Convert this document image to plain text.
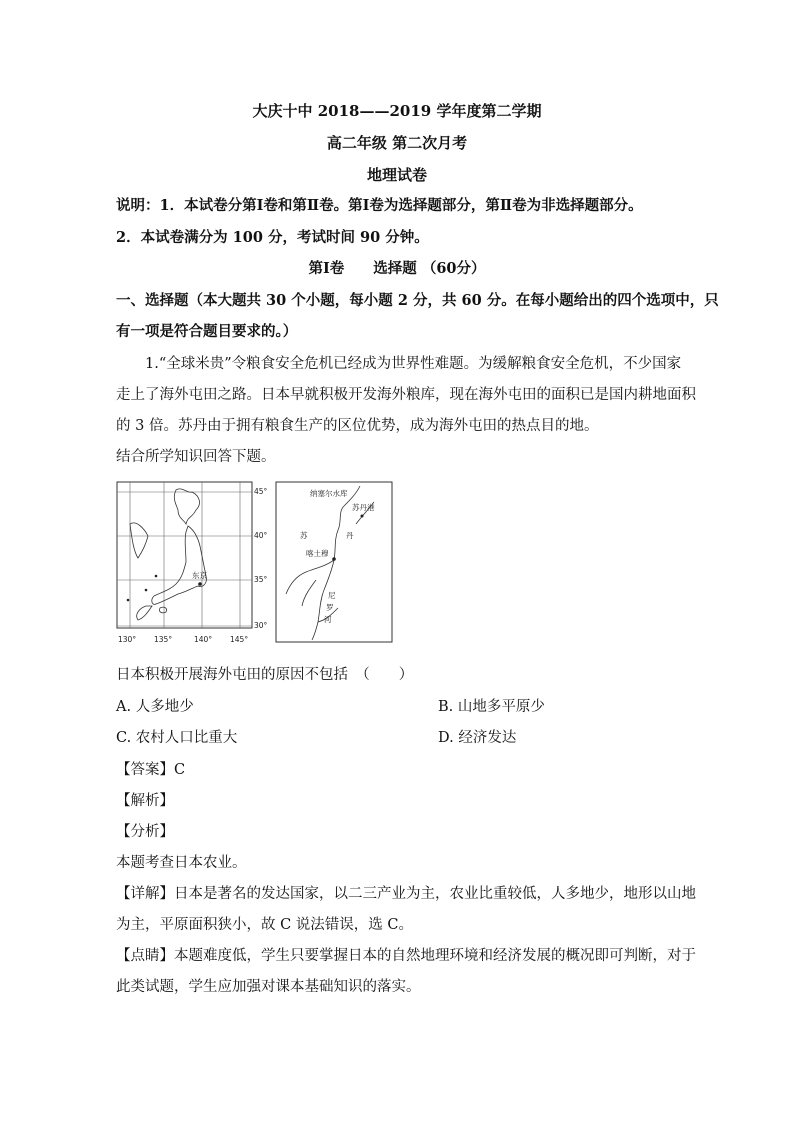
大庆十中 2018——2019 学年度第二学期
高二年级 第二次月考
地理试卷
说明：1．本试卷分第Ⅰ卷和第Ⅱ卷。第Ⅰ卷为选择题部分，第Ⅱ卷为非选择题部分。
2．本试卷满分为 100 分，考试时间 90 分钟。
第Ⅰ卷　　选择题 （60分）
一、选择题（本大题共 30 个小题，每小题 2 分，共 60 分。在每小题给出的四个选项中，只
有一项是符合题目要求的。）
1.“全球米贵”令粮食安全危机已经成为世界性难题。为缓解粮食安全危机，不少国家
走上了海外屯田之路。日本早就积极开发海外粮库，现在海外屯田的面积已是国内耕地面积
的 3 倍。苏丹由于拥有粮食生产的区位优势，成为海外屯田的热点目的地。
结合所学知识回答下题。
东京
45°
40°
35°
30°
130° 135°	140° 145°
纳塞尔水库
苏丹港
苏	丹
喀土穆
尼
罗
河
日本积极开展海外屯田的原因不包括　（　　）
A. 人多地少	B. 山地多平原少
C. 农村人口比重大	D. 经济发达
【答案】C
【解析】
【分析】
本题考查日本农业。
【详解】日本是著名的发达国家，以二三产业为主，农业比重较低，人多地少，地形以山地
为主，平原面积狭小，故 C 说法错误，选 C。
【点睛】本题难度低，学生只要掌握日本的自然地理环境和经济发展的概况即可判断，对于
此类试题，学生应加强对课本基础知识的落实。
